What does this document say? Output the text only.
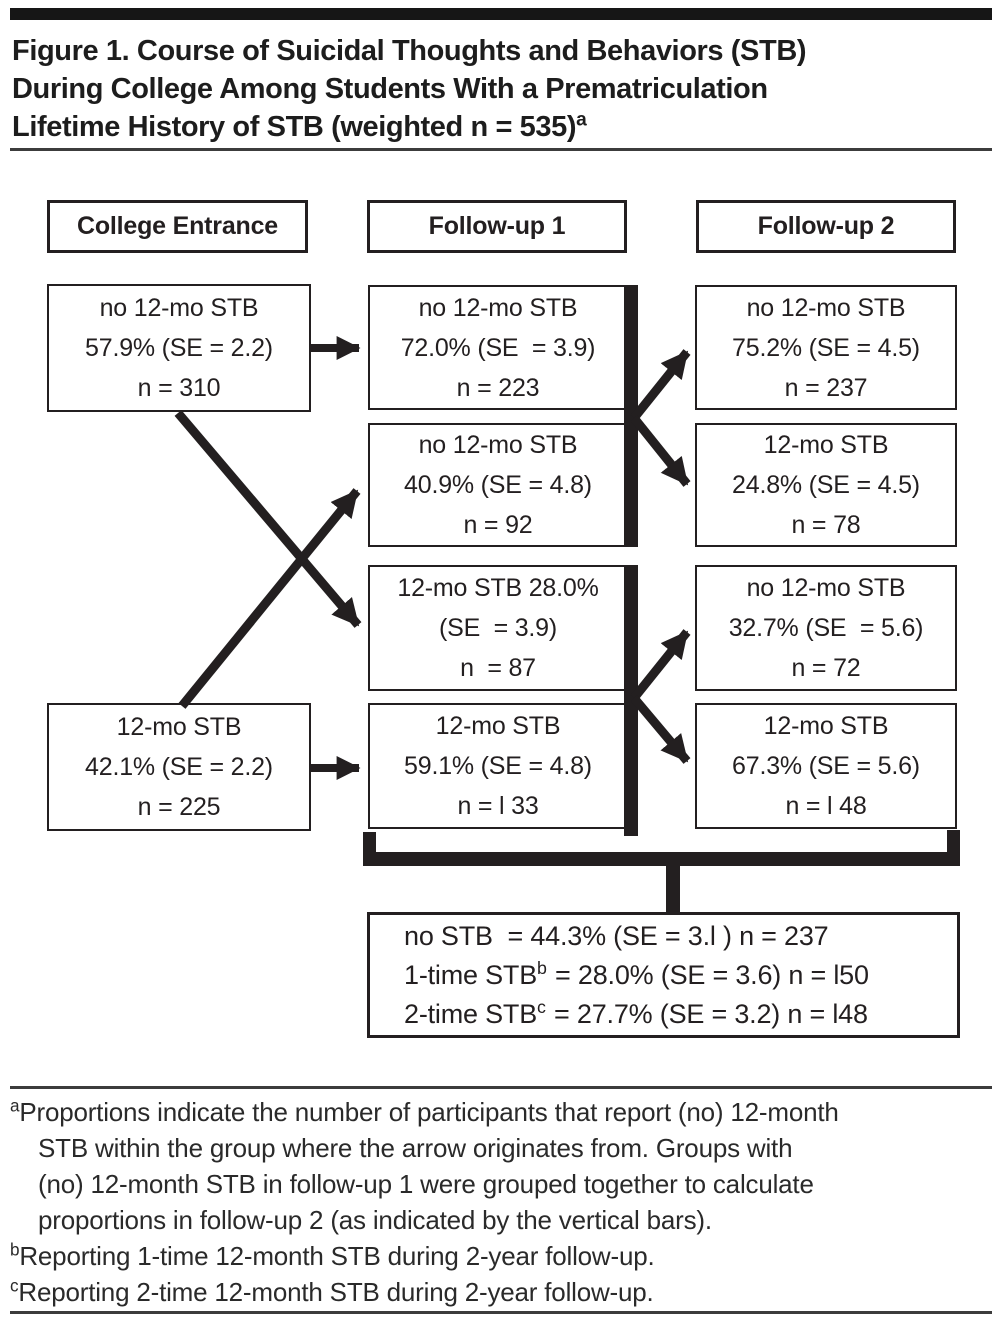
Figure 1. Course of Suicidal Thoughts and Behaviors (STB)
During College Among Students With a Prematriculation
Lifetime History of STB (weighted n = 535)$^a$
College Entrance	Follow-up 1	Follow-up 2
no 12-mo STB
57.9% (SE = 2.2)
n = 310
12-mo STB
42.1% (SE = 2.2)
n = 225
no 12-mo STB
72.0% (SE  = 3.9)
n = 223
no 12-mo STB
40.9% (SE = 4.8)
n = 92
12-mo STB 28.0%
(SE  = 3.9)
n  = 87
12-mo STB
59.1% (SE = 4.8)
n = l 33
no 12-mo STB
75.2% (SE = 4.5)
n = 237
12-mo STB
24.8% (SE = 4.5)
n = 78
no 12-mo STB
32.7% (SE  = 5.6)
n = 72
12-mo STB
67.3% (SE = 5.6)
n = l 48
no STB  = 44.3% (SE = 3.l ) n = 237
1-time $STB^b = 28.0\%$ (SE = 3.6) n = l50
2-time $STB^c = 27.7\%$ (SE = 3.2) n = l48
$^a$Proportions indicate the number of participants that report (no) 12-month
STB within the group where the arrow originates from. Groups with
(no) 12-month STB in follow-up 1 were grouped together to calculate
proportions in follow-up 2 (as indicated by the vertical bars).
$^b$Reporting 1-time 12-month STB during 2-year follow-up.
$^c$Reporting 2-time 12-month STB during 2-year follow-up.
